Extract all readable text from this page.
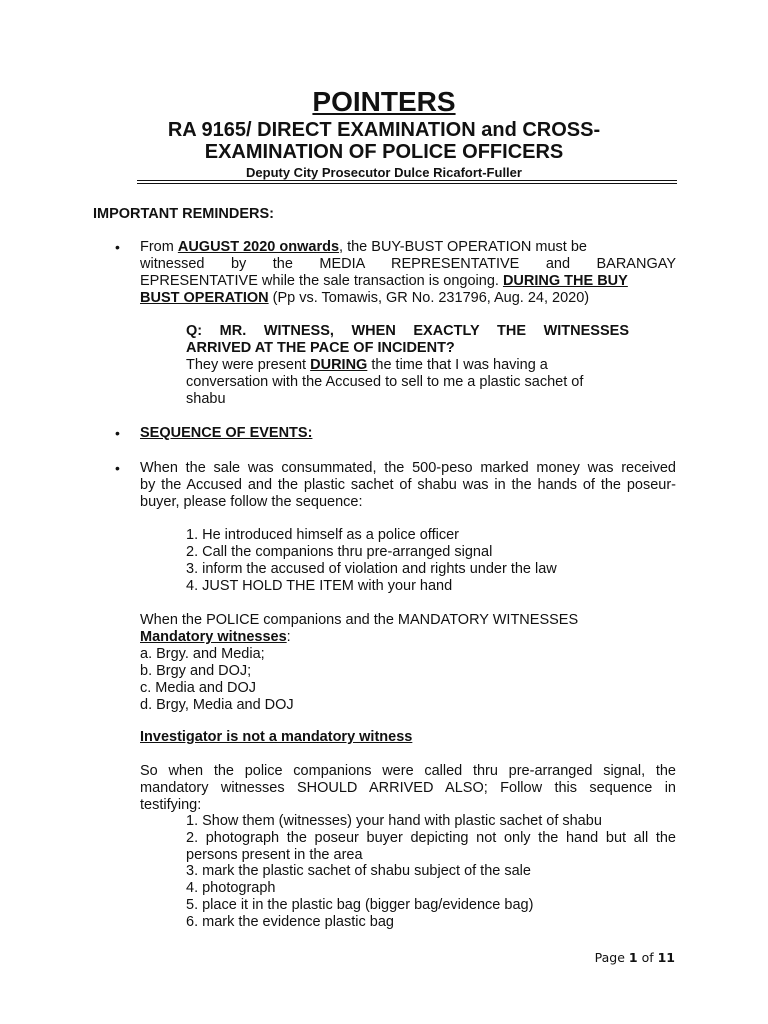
POINTERS
RA 9165/ DIRECT EXAMINATION and CROSS-
EXAMINATION OF POLICE OFFICERS
Deputy City Prosecutor Dulce Ricafort-Fuller
IMPORTANT REMINDERS:
• From AUGUST 2020 onwards, the BUY-BUST OPERATION must be
witnessed by the MEDIA REPRESENTATIVE and BARANGAY
EPRESENTATIVE while the sale transaction is ongoing. DURING THE BUY
BUST OPERATION (Pp vs. Tomawis, GR No. 231796, Aug. 24, 2020)
Q: MR. WITNESS, WHEN EXACTLY THE WITNESSES
ARRIVED AT THE PACE OF INCIDENT?
They were present DURING the time that I was having a
conversation with the Accused to sell to me a plastic sachet of
shabu
• SEQUENCE OF EVENTS:
• When the sale was consummated, the 500-peso marked money was received
by the Accused and the plastic sachet of shabu was in the hands of the poseur-
buyer, please follow the sequence:
1. He introduced himself as a police officer
2. Call the companions thru pre-arranged signal
3. inform the accused of violation and rights under the law
4. JUST HOLD THE ITEM with your hand
When the POLICE companions and the MANDATORY WITNESSES
Mandatory witnesses:
a. Brgy. and Media;
b. Brgy and DOJ;
c. Media and DOJ
d. Brgy, Media and DOJ
Investigator is not a mandatory witness
So when the police companions were called thru pre-arranged signal, the
mandatory witnesses SHOULD ARRIVED ALSO; Follow this sequence in
testifying:
1. Show them (witnesses) your hand with plastic sachet of shabu
2. photograph the poseur buyer depicting not only the hand but all the
persons present in the area
3. mark the plastic sachet of shabu subject of the sale
4. photograph
5. place it in the plastic bag (bigger bag/evidence bag)
6. mark the evidence plastic bag
Page 1 of 11
